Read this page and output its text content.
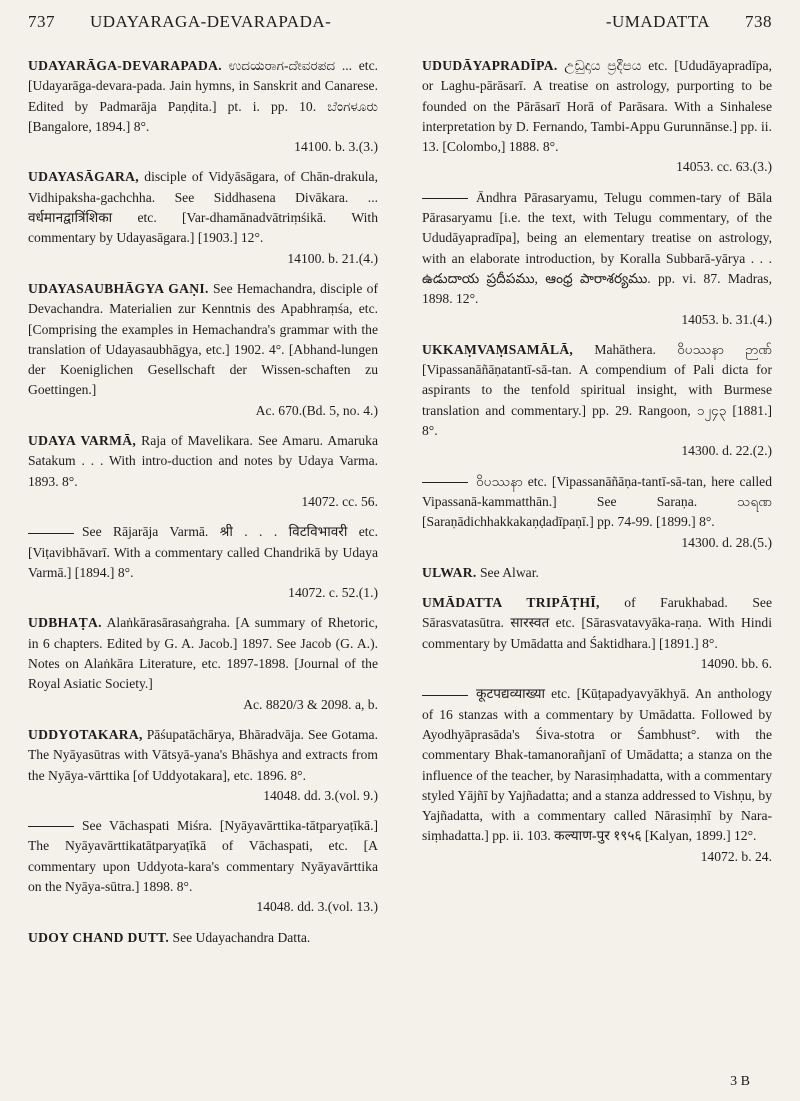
737 UDAYARAGA-DEVARAPADA-	-UMADATTA 738
UDAYARĀGA-DEVARAPADA. ಉದಯರಾಗ-ದೇವರಪದ ... etc. [Udayarāga-devara-pada. Jain hymns, in Sanskrit and Canarese. Edited by Padmarāja Paṇḍita.] pt. i. pp. 10. ಬೆಂಗಳೂರು [Bangalore, 1894.] 8°.
14100. b. 3.(3.)
UDAYASĀGARA, disciple of Vidyāsāgara, of Chān-drakula, Vidhipaksha-gachchha. See Siddhasena Divākara. ... वर्धमानद्वात्रिंशिका etc. [Var-dhamānadvātriṃśikā. With commentary by Udayasāgara.] [1903.] 12°.
14100. b. 21.(4.)
UDAYASAUBHĀGYA GAṆI. See Hemachandra, disciple of Devachandra. Materialien zur Kenntnis des Apabhraṃśa, etc. [Comprising the examples in Hemachandra's grammar with the translation of Udayasaubhāgya, etc.] 1902. 4°. [Abhand-lungen der Koeniglichen Gesellschaft der Wissen-schaften zu Goettingen.]
Ac. 670.(Bd. 5, no. 4.)
UDAYA VARMĀ, Raja of Mavelikara. See Amaru. Amaruka Satakum . . . With intro-duction and notes by Udaya Varma. 1893. 8°.
14072. cc. 56.
See Rājarāja Varmā. श्री . . . विटविभावरी etc. [Viṭavibhāvarī. With a commentary called Chandrikā by Udaya Varmā.] [1894.] 8°.
14072. c. 52.(1.)
UDBHAṬA. Alaṅkārasārasaṅgraha. [A summary of Rhetoric, in 6 chapters. Edited by G. A. Jacob.] 1897. See Jacob (G. A.). Notes on Alaṅkāra Literature, etc. 1897-1898. [Journal of the Royal Asiatic Society.]
Ac. 8820/3 & 2098. a, b.
UDDYOTAKARA, Pāśupatāchārya, Bhāradvāja. See Gotama. The Nyāyasūtras with Vātsyā-yana's Bhāshya and extracts from the Nyāya-vārttika [of Uddyotakara], etc. 1896. 8°.
14048. dd. 3.(vol. 9.)
See Vāchaspati Miśra. [Nyāyavārttika-tātparyaṭīkā.] The Nyāyavārttikatātparyaṭīkā of Vāchaspati, etc. [A commentary upon Uddyota-kara's commentary Nyāyavārttika on the Nyāya-sūtra.] 1898. 8°.
14048. dd. 3.(vol. 13.)
UDOY CHAND DUTT. See Udayachandra Datta.
UDUDĀYAPRADĪPA. උඩුදාය ප්‍රදීපය etc. [Ududāyapradīpa, or Laghu-pārāsarī. A treatise on astrology, purporting to be founded on the Pārāsarī Horā of Parāsara. With a Sinhalese interpretation by D. Fernando, Tambi-Appu Gurunnānse.] pp. ii. 13. [Colombo,] 1888. 8°.
14053. cc. 63.(3.)
Āndhra Pārasaryamu, Telugu commen-tary of Bāla Pārasaryamu [i.e. the text, with Telugu commentary, of the Ududāyapradīpa], being an elementary treatise on astrology, with an elaborate introduction, by Koralla Subbarā-yārya . . . ఉడుదాయ ప్రదీపము, ఆంధ్ర పారాశర్యము. pp. vi. 87. Madras, 1898. 12°.
14053. b. 31.(4.)
UKKAṂVAṂSAMĀLĀ, Mahāthera. ဝိပဿနာ ဉာဏ် [Vipassanāñāṇatantī-sā-tan. A compendium of Pali dicta for aspirants to the tenfold spiritual insight, with Burmese translation and commentary.] pp. 29. Rangoon, ၁၂၄၃ [1881.] 8°.
14300. d. 22.(2.)
ဝိပဿနာ etc. [Vipassanāñāṇa-tantī-sā-tan, here called Vipassanā-kammatthān.] See Saraṇa. သရဏ [Saraṇādichhakkakaṇḍadīpaṇī.] pp. 74-99. [1899.] 8°.
14300. d. 28.(5.)
ULWAR. See Alwar.
UMĀDATTA TRIPĀṬHĪ, of Farukhabad. See Sārasvatasūtra. सारस्वत etc. [Sārasvatavyāka-raṇa. With Hindi commentary by Umādatta and Śaktidhara.] [1891.] 8°.
14090. bb. 6.
कूटपद्यव्याख्या etc. [Kūṭapadyavyākhyā. An anthology of 16 stanzas with a commentary by Umādatta. Followed by Ayodhyāprasāda's Śiva-stotra or Śambhust°. with the commentary Bhak-tamanorañjanī of Umādatta; a stanza on the influence of the teacher, by Narasiṃhadatta, with a commentary styled Yājñī by Yajñadatta; and a stanza addressed to Vishṇu, by Yajñadatta, with a commentary called Nārasiṃhī by Nara-siṃhadatta.] pp. ii. 103. कल्याण-पुर १९५६ [Kalyan, 1899.] 12°.
14072. b. 24.
3 B
